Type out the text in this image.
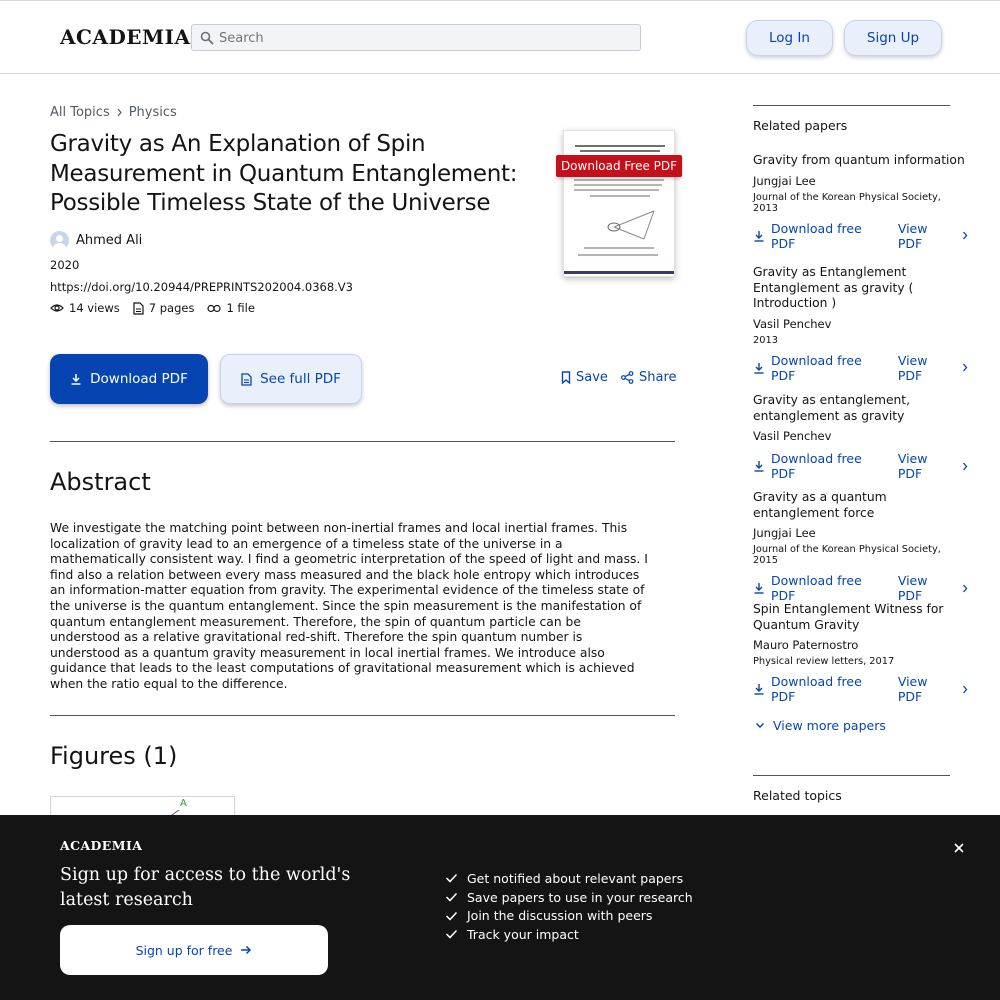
ACADEMIA
Search	Log In	Sign Up
All Topics Physics
Gravity as An Explanation of Spin Measurement in Quantum Entanglement: Possible Timeless State of the Universe
Ahmed Ali
2020
https://doi.org/10.20944/PREPRINTS202004.0368.V3
14 views	7 pages	1 file
Download Free PDF
Download PDF	See full PDF	Save Share
Abstract

We investigate the matching point between non-inertial frames and local inertial frames. This localization of gravity lead to an emergence of a timeless state of the universe in a mathematically consistent way. I find a geometric interpretation of the speed of light and mass. I find also a relation between every mass measured and the black hole entropy which introduces an information-matter equation from gravity. The experimental evidence of the timeless state of the universe is the quantum entanglement. Since the spin measurement is the manifestation of quantum entanglement measurement. Therefore, the spin of quantum particle can be understood as a relative gravitational red-shift. Therefore the spin quantum number is understood as a quantum gravity measurement in local inertial frames. We introduce also guidance that leads to the least computations of gravitational measurement which is achieved when the ratio equal to the difference.

Figures (1)
A
Related papers
Gravity from quantum information
Jungjai Lee
Journal of the Korean Physical Society, 2013
Download free PDF
View PDF
Gravity as Entanglement Entanglement as gravity ( Introduction )
Vasil Penchev
2013
Download free PDF
View PDF
Gravity as entanglement, entanglement as gravity
Vasil Penchev
Download free PDF
View PDF
Gravity as a quantum entanglement force
Jungjai Lee
Journal of the Korean Physical Society, 2015
Download free PDF
View PDF
Spin Entanglement Witness for Quantum Gravity
Mauro Paternostro
Physical review letters, 2017
Download free PDF
View PDF
View more papers
Related topics
ACADEMIA
Sign up for access to the world's latest research
Sign up for free
Get notified about relevant papers
Save papers to use in your research
Join the discussion with peers
Track your impact
